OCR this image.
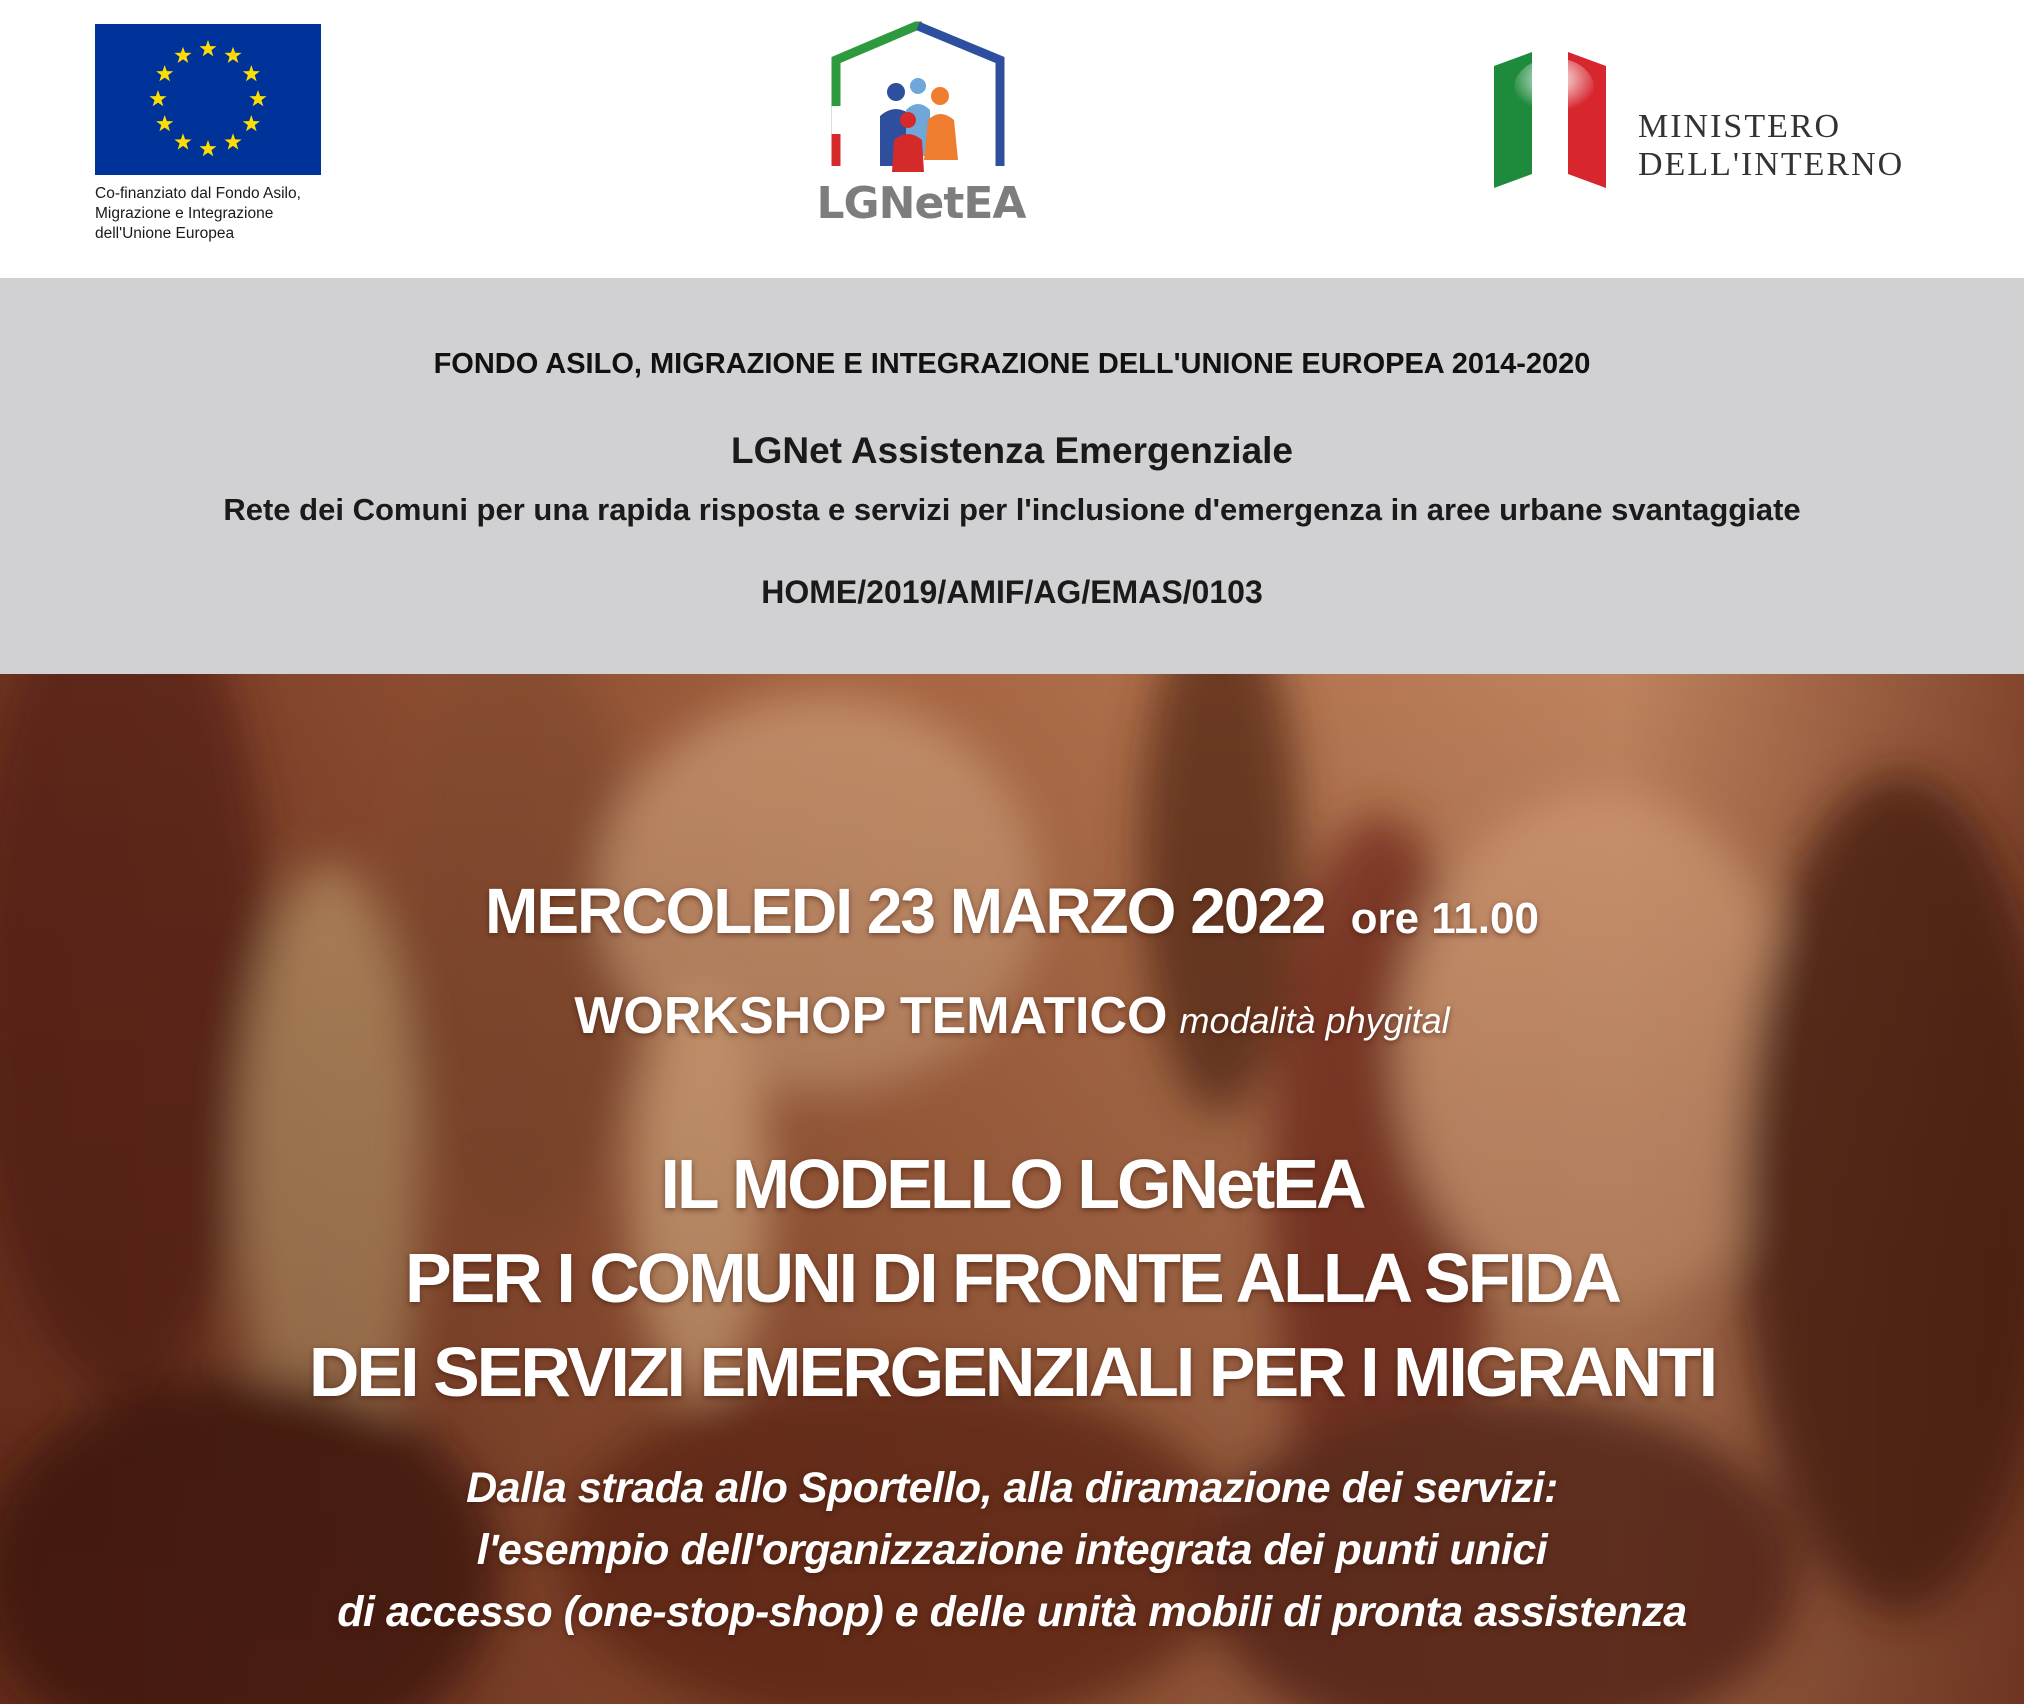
Co-finanziato dal Fondo Asilo,
Migrazione e Integrazione
dell'Unione Europea
LGNetEA
MINISTERO
DELL'INTERNO
FONDO ASILO, MIGRAZIONE E INTEGRAZIONE DELL'UNIONE EUROPEA 2014-2020
LGNet Assistenza Emergenziale
Rete dei Comuni per una rapida risposta e servizi per l'inclusione d'emergenza in aree urbane svantaggiate
HOME/2019/AMIF/AG/EMAS/0103
MERCOLEDI 23 MARZO 2022 ore 11.00
WORKSHOP TEMATICO modalità phygital
IL MODELLO LGNetEA
PER I COMUNI DI FRONTE ALLA SFIDA
DEI SERVIZI EMERGENZIALI PER I MIGRANTI
Dalla strada allo Sportello, alla diramazione dei servizi:
l'esempio dell'organizzazione integrata dei punti unici
di accesso (one-stop-shop) e delle unità mobili di pronta assistenza
